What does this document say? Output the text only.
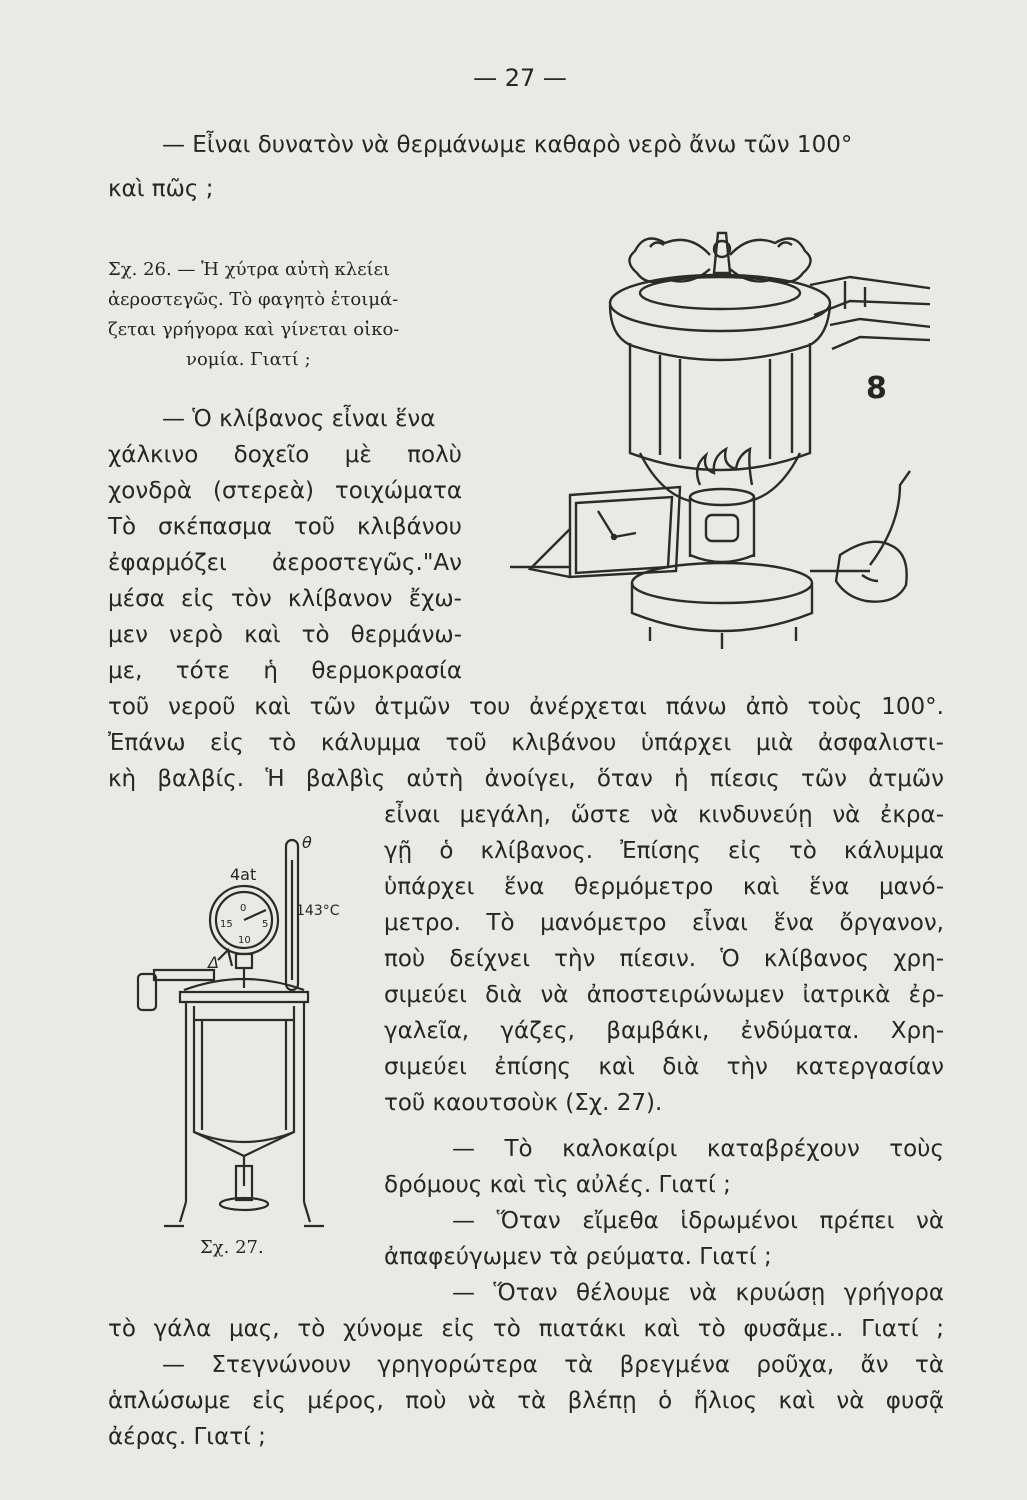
— 27 —
— Εἶναι δυνατὸν νὰ θερμάνωμε καθαρὸ νερὸ ἄνω τῶν 100°
καὶ πῶς ;
Σχ. 26. — Ἡ χύτρα αὐτὴ κλείει
ἀεροστεγῶς. Τὸ φαγητὸ ἑτοιμά-
ζεται γρήγορα καὶ γίνεται οἰκο-
νομία. Γιατί ;
8
— Ὁ κλίβανος εἶναι ἕνα
χάλκινο δοχεῖο μὲ πολὺ
χονδρὰ (στερεὰ) τοιχώματα
Τὸ σκέπασμα τοῦ κλιβάνου
ἐφαρμόζει ἀεροστεγῶς."Αν
μέσα εἰς τὸν κλίβανον ἔχω-
μεν νερὸ καὶ τὸ θερμάνω-
με, τότε ἡ θερμοκρασία
τοῦ νεροῦ καὶ τῶν ἀτμῶν του ἀνέρχεται πάνω ἀπὸ τοὺς 100°.
Ἐπάνω εἰς τὸ κάλυμμα τοῦ κλιβάνου ὑπάρχει μιὰ ἀσφαλιστι-
κὴ βαλβίς. Ἡ βαλβὶς αὐτὴ ἀνοίγει, ὅταν ἡ πίεσις τῶν ἀτμῶν
εἶναι μεγάλη, ὥστε νὰ κινδυνεύῃ νὰ ἐκρα-
γῇ ὁ κλίβανος. Ἐπίσης εἰς τὸ κάλυμμα
ὑπάρχει ἕνα θερμόμετρο καὶ ἕνα μανό-
μετρο. Τὸ μανόμετρο εἶναι ἕνα ὄργανον,
ποὺ δείχνει τὴν πίεσιν. Ὁ κλίβανος χρη-
σιμεύει διὰ νὰ ἀποστειρώνωμεν ἰατρικὰ ἐρ-
γαλεῖα, γάζες, βαμβάκι, ἐνδύματα. Χρη-
σιμεύει ἐπίσης καὶ διὰ τὴν κατεργασίαν
τοῦ καουτσοὺκ (Σχ. 27).
4at
θ
143°C
Δ
0
15	5
10
Σχ. 27.
— Τὸ καλοκαίρι καταβρέχουν τοὺς
δρόμους καὶ τὶς αὐλές. Γιατί ;
— Ὅταν εἴμεθα ἱδρωμένοι πρέπει νὰ
ἀπαφεύγωμεν τὰ ρεύματα. Γιατί ;
— Ὅταν θέλουμε νὰ κρυώσῃ γρήγορα
τὸ γάλα μας, τὸ χύνομε εἰς τὸ πιατάκι καὶ τὸ φυσᾶμε.. Γιατί ;
— Στεγνώνουν γρηγορώτερα τὰ βρεγμένα ροῦχα, ἄν τὰ
ἁπλώσωμε εἰς μέρος, ποὺ νὰ τὰ βλέπῃ ὁ ἥλιος καὶ νὰ φυσᾷ
ἀέρας. Γιατί ;
